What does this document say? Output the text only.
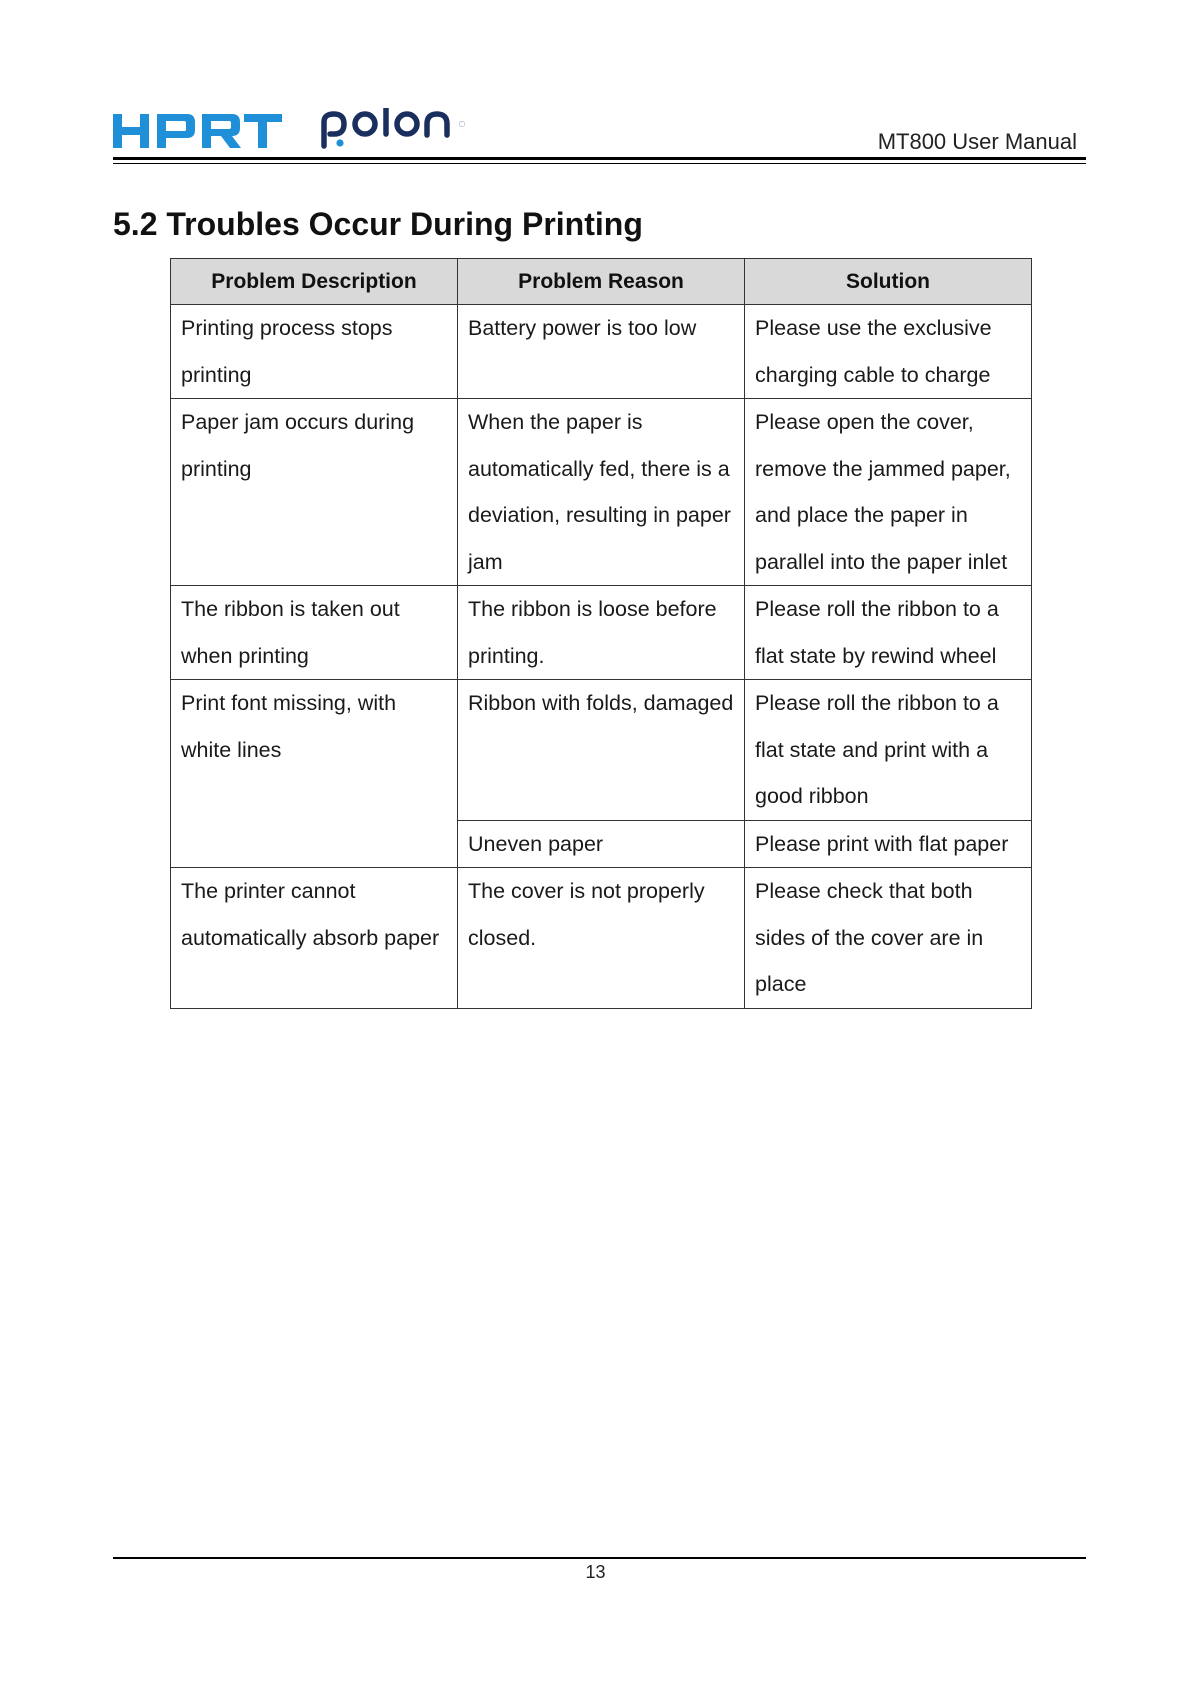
MT800 User Manual
5.2 Troubles Occur During Printing
Problem Description	Problem Reason	Solution
Printing process stops printing	Battery power is too low	Please use the exclusive charging cable to charge
Paper jam occurs during printing	When the paper is automatically fed, there is a deviation, resulting in paper jam	Please open the cover, remove the jammed paper, and place the paper in parallel into the paper inlet
The ribbon is taken out when printing	The ribbon is loose before printing.	Please roll the ribbon to a flat state by rewind wheel
Print font missing, with white lines	Ribbon with folds, damaged	Please roll the ribbon to a flat state and print with a good ribbon
	Uneven paper	Please print with flat paper
The printer cannot automatically absorb paper	The cover is not properly closed.	Please check that both sides of the cover are in place
13
